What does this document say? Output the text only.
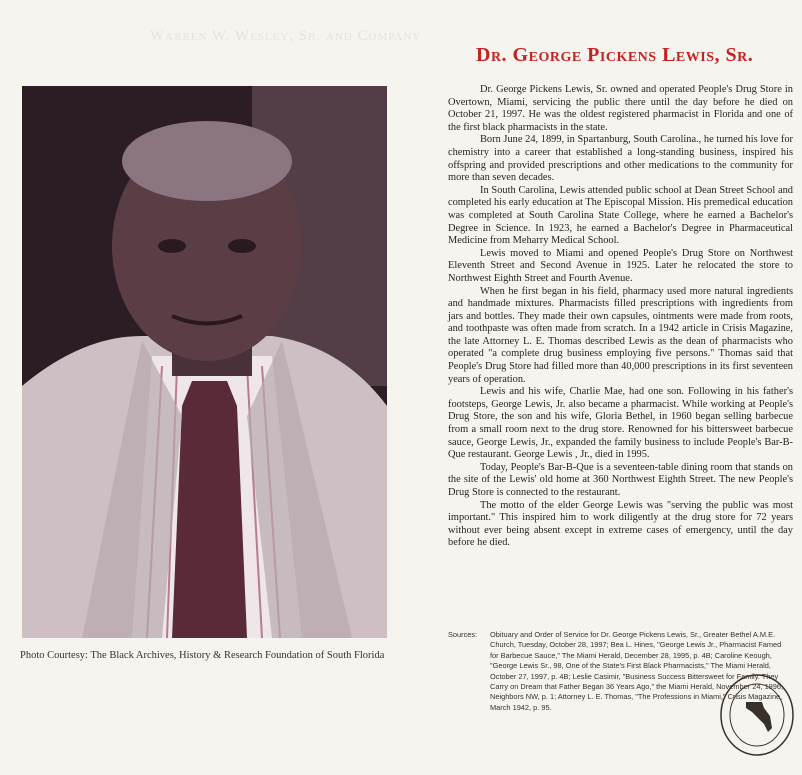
Warren W. Wesley, Sr. and Company
Photo Courtesy: The Black Archives, History & Research Foundation of South Florida
Dr. George Pickens Lewis, Sr.

Dr. George Pickens Lewis, Sr. owned and operated People's Drug Store in Overtown, Miami, servicing the public there until the day before he died on October 21, 1997. He was the oldest registered pharmacist in Florida and one of the first black pharmacists in the state.

Born June 24, 1899, in Spartanburg, South Carolina., he turned his love for chemistry into a career that established a long-standing business, inspired his offspring and provided prescriptions and other medications to the community for more than seven decades.

In South Carolina, Lewis attended public school at Dean Street School and completed his early education at The Episcopal Mission. His premedical education was completed at South Carolina State College, where he earned a Bachelor's Degree in Science. In 1923, he earned a Bachelor's Degree in Pharmaceutical Medicine from Meharry Medical School.

Lewis moved to Miami and opened People's Drug Store on Northwest Eleventh Street and Second Avenue in 1925. Later he relocated the store to Northwest Eighth Street and Fourth Avenue.

When he first began in his field, pharmacy used more natural ingredients and handmade mixtures. Pharmacists filled prescriptions with ingredients from jars and bottles. They made their own capsules, ointments were made from roots, and toothpaste was often made from scratch. In a 1942 article in Crisis Magazine, the late Attorney L. E. Thomas described Lewis as the dean of pharmacists who operated "a complete drug business employing five persons." Thomas said that People's Drug Store had filled more than 40,000 prescriptions in its first seventeen years of operation.

Lewis and his wife, Charlie Mae, had one son. Following in his father's footsteps, George Lewis, Jr. also became a pharmacist. While working at People's Drug Store, the son and his wife, Gloria Bethel, in 1960 began selling barbecue from a small room next to the drug store. Renowned for his bittersweet barbecue sauce, George Lewis, Jr., expanded the family business to include People's Bar-B-Que restaurant. George Lewis , Jr., died in 1995.

Today, People's Bar-B-Que is a seventeen-table dining room that stands on the site of the Lewis' old home at 360 Northwest Eighth Street. The new People's Drug Store is connected to the restaurant.

The motto of the elder George Lewis was "serving the public was most important." This inspired him to work diligently at the drug store for 72 years without ever being absent except in extreme cases of emergency, until the day before he died.

Sources:	Obituary and Order of Service for Dr. George Pickens Lewis, Sr., Greater Bethel A.M.E. Church, Tuesday, October 28, 1997; Bea L. Hines, "George Lewis Jr., Pharmacist Famed for Barbecue Sauce," The Miami Herald, December 28, 1995, p. 4B; Caroline Keough, "George Lewis Sr., 98, One of the State's First Black Pharmacists," The Miami Herald, October 27, 1997, p. 4B; Leslie Casimir, "Business Success Bittersweet for Family. They Carry on Dream that Father Began 36 Years Ago," the Miami Herald, November 24, 1996, Neighbors NW, p. 1; Attorney L. E. Thomas, "The Professions in Miami," Crisis Magazine, March 1942, p. 95.
